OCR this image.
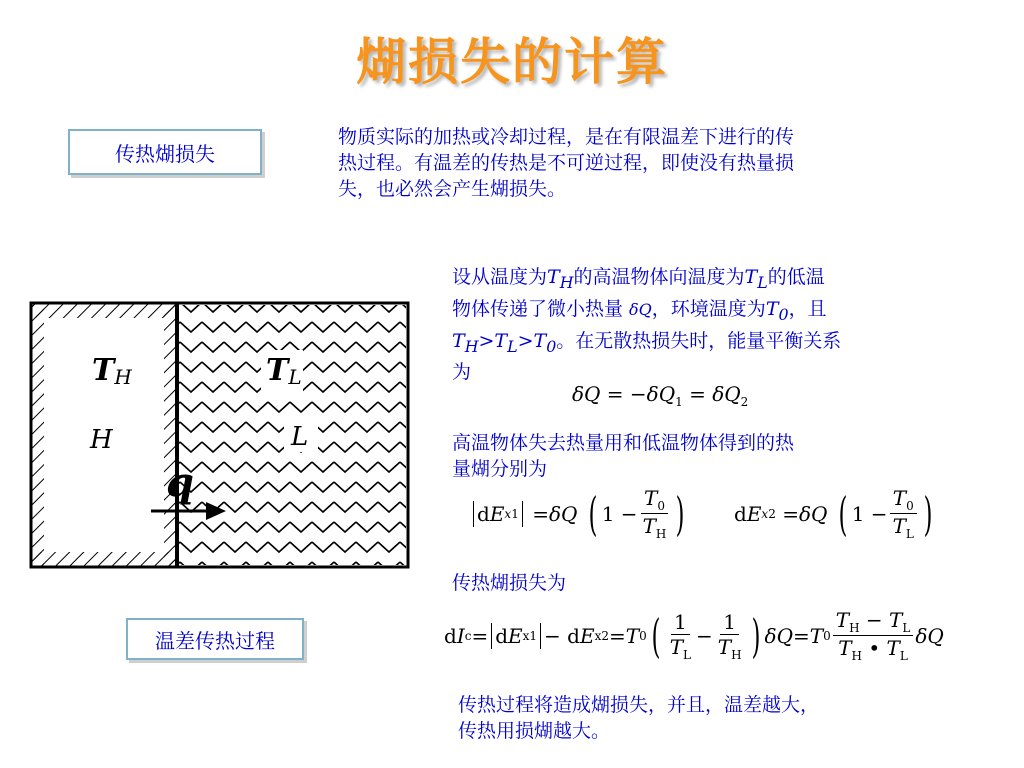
煳损失的计算
传热煳损失
物质实际的加热或冷却过程，是在有限温差下进行的传
热过程。有温差的传热是不可逆过程，即使没有热量损
失，也必然会产生煳损失。
TH
H
TL
L
q
温差传热过程
设从温度为$T_H$的高温物体向温度为$T_L$的低温
物体传递了微小热量 δQ，环境温度为$T_0$，且
$T_H>T_L>T_0$。在无散热损失时，能量平衡关系
为
$\delta Q = -\delta Q_1 = \delta Q_2$
高温物体失去热量用和低温物体得到的热
量煳分别为
d E x 1 = δQ
( $1 - \frac{T_0}{T_H}$ ) d E x 2 = δQ
( $1 - \frac{T_0}{T_L}$ )
传热煳损失为
d I c =
d E x1 − d E x2 = T 0 ( $\frac{1}{T_L} - \frac{1}{T_H}$ ) δQ = T $0 \frac{T_H - T_L}{T_H • T_L}$ δQ
传热过程将造成煳损失，并且，温差越大，
传热用损煳越大。
